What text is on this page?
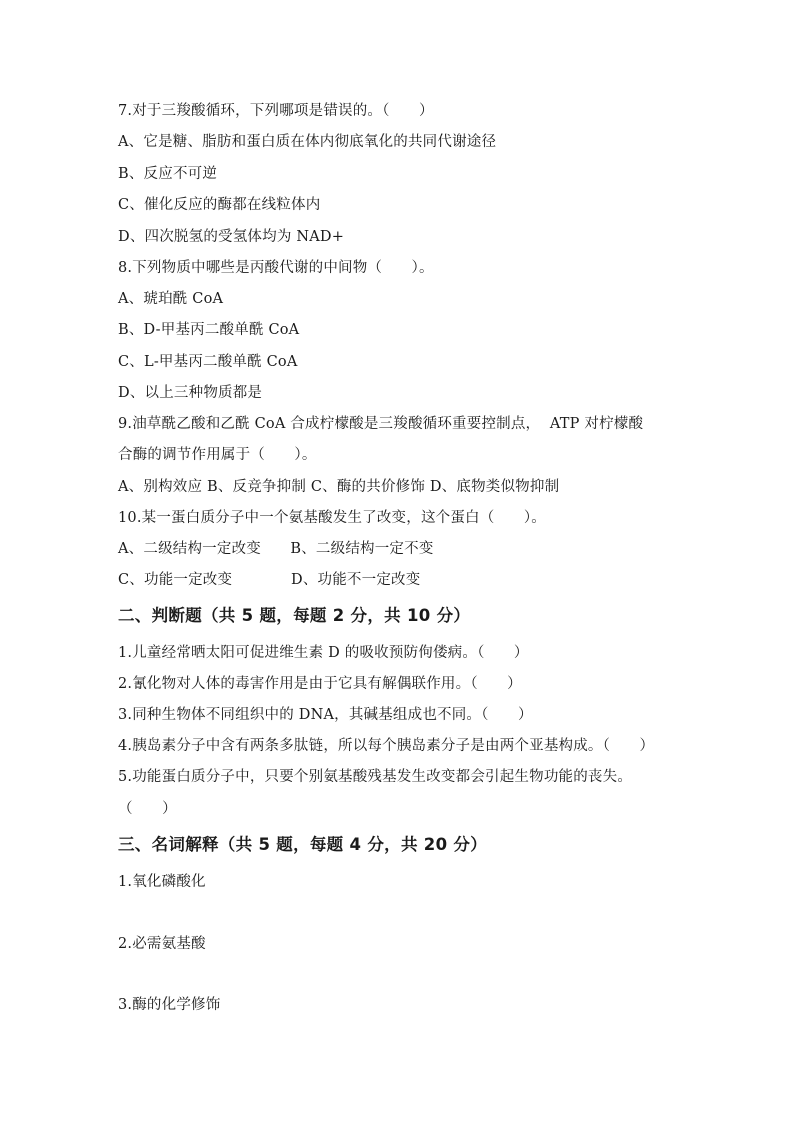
7.对于三羧酸循环，下列哪项是错误的。（　　）
A、它是糖、脂肪和蛋白质在体内彻底氧化的共同代谢途径
B、反应不可逆
C、催化反应的酶都在线粒体内
D、四次脱氢的受氢体均为 NAD+
8.下列物质中哪些是丙酸代谢的中间物（　　）。
A、琥珀酰 CoA
B、D-甲基丙二酸单酰 CoA
C、L-甲基丙二酸单酰 CoA
D、以上三种物质都是
9.油草酰乙酸和乙酰 CoA 合成柠檬酸是三羧酸循环重要控制点，  ATP 对柠檬酸
合酶的调节作用属于（　　）。
A、别构效应 B、反竞争抑制 C、酶的共价修饰 D、底物类似物抑制
10.某一蛋白质分子中一个氨基酸发生了改变，这个蛋白（　　）。
A、二级结构一定改变　　B、二级结构一定不变
C、功能一定改变　　　　D、功能不一定改变
二、判断题（共 5 题，每题 2 分，共 10 分）
1.儿童经常晒太阳可促进维生素 D 的吸收预防佝偻病。（　　）
2.氰化物对人体的毒害作用是由于它具有解偶联作用。（　　）
3.同种生物体不同组织中的 DNA，其碱基组成也不同。（　　）
4.胰岛素分子中含有两条多肽链，所以每个胰岛素分子是由两个亚基构成。（　　）
5.功能蛋白质分子中，只要个别氨基酸残基发生改变都会引起生物功能的丧失。
（　　）
三、名词解释（共 5 题，每题 4 分，共 20 分）
1.氧化磷酸化
2.必需氨基酸
3.酶的化学修饰
